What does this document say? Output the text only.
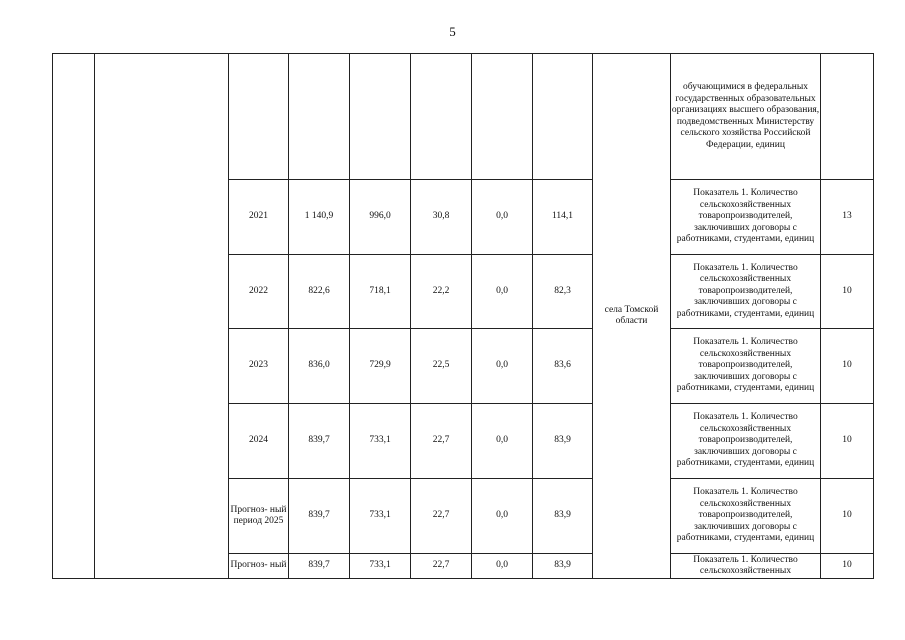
5
								села Томской области	обучающимися в федеральных государственных образовательных организациях высшего образования, подведомственных Министерству сельского хозяйства Российской Федерации, единиц	
		2021	1 140,9	996,0	30,8	0,0	114,1		Показатель 1. Количество сельскохозяйственных товаропроизводителей, заключивших договоры с работниками, студентами, единиц	13
		2022	822,6	718,1	22,2	0,0	82,3		Показатель 1. Количество сельскохозяйственных товаропроизводителей, заключивших договоры с работниками, студентами, единиц	10
		2023	836,0	729,9	22,5	0,0	83,6		Показатель 1. Количество сельскохозяйственных товаропроизводителей, заключивших договоры с работниками, студентами, единиц	10
		2024	839,7	733,1	22,7	0,0	83,9		Показатель 1. Количество сельскохозяйственных товаропроизводителей, заключивших договоры с работниками, студентами, единиц	10
		Прогноз- ный период 2025	839,7	733,1	22,7	0,0	83,9		Показатель 1. Количество сельскохозяйственных товаропроизводителей, заключивших договоры с работниками, студентами, единиц	10
		Прогноз- ный	839,7	733,1	22,7	0,0	83,9		Показатель 1. Количество сельскохозяйственных	10
